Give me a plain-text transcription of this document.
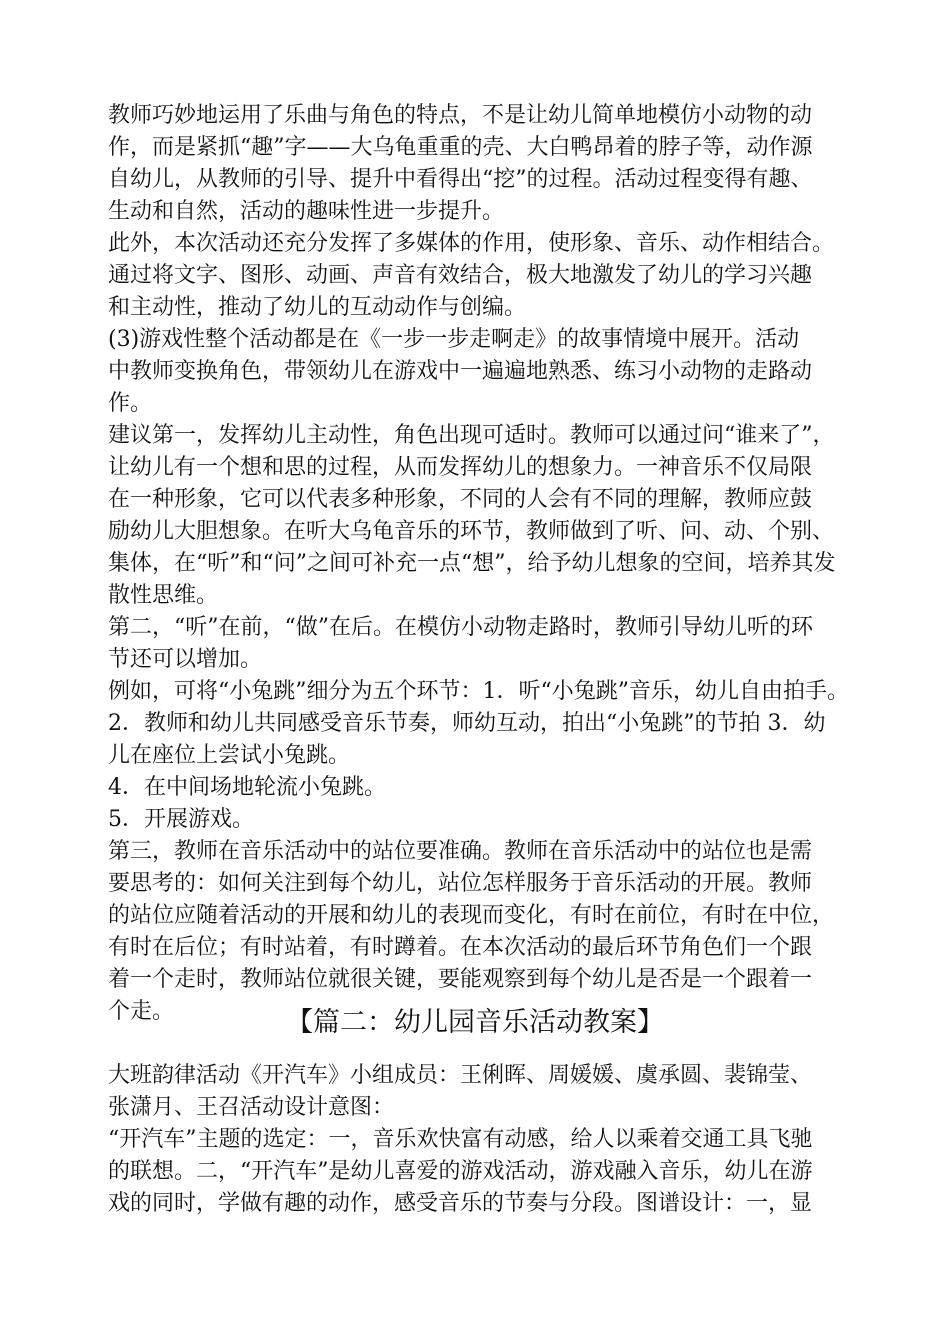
教师巧妙地运用了乐曲与角色的特点，不是让幼儿简单地模仿小动物的动
作，而是紧抓“趣”字——大乌龟重重的壳、大白鸭昂着的脖子等，动作源
自幼儿，从教师的引导、提升中看得出“挖”的过程。活动过程变得有趣、
生动和自然，活动的趣味性进一步提升。
此外，本次活动还充分发挥了多媒体的作用，使形象、音乐、动作相结合。
通过将文字、图形、动画、声音有效结合，极大地激发了幼儿的学习兴趣
和主动性，推动了幼儿的互动动作与创编。
(3)游戏性整个活动都是在《一步一步走啊走》的故事情境中展开。活动
中教师变换角色，带领幼儿在游戏中一遍遍地熟悉、练习小动物的走路动
作。
建议第一，发挥幼儿主动性，角色出现可适时。教师可以通过问“谁来了”，
让幼儿有一个想和思的过程，从而发挥幼儿的想象力。一神音乐不仅局限
在一种形象，它可以代表多种形象，不同的人会有不同的理解，教师应鼓
励幼儿大胆想象。在听大乌龟音乐的环节，教师做到了听、问、动、个别、
集体，在“听”和“问”之间可补充一点“想”，给予幼儿想象的空间，培养其发
散性思维。
第二，“听”在前，“做”在后。在模仿小动物走路时，教师引导幼儿听的环
节还可以增加。
例如，可将“小兔跳”细分为五个环节：1．听“小兔跳”音乐，幼儿自由拍手。
2．教师和幼儿共同感受音乐节奏，师幼互动，拍出“小兔跳”的节拍 3．幼
儿在座位上尝试小兔跳。
4．在中间场地轮流小兔跳。
5．开展游戏。
第三，教师在音乐活动中的站位要准确。教师在音乐活动中的站位也是需
要思考的：如何关注到每个幼儿，站位怎样服务于音乐活动的开展。教师
的站位应随着活动的开展和幼儿的表现而变化，有时在前位，有时在中位，
有时在后位；有时站着，有时蹲着。在本次活动的最后环节角色们一个跟
着一个走时，教师站位就很关键，要能观察到每个幼儿是否是一个跟着一
个走。	【篇二：幼儿园音乐活动教案】
大班韵律活动《开汽车》小组成员：王俐晖、周媛媛、虞承圆、裴锦莹、
张潇月、王召活动设计意图：
“开汽车”主题的选定：一，音乐欢快富有动感，给人以乘着交通工具飞驰
的联想。二，“开汽车”是幼儿喜爱的游戏活动，游戏融入音乐，幼儿在游
戏的同时，学做有趣的动作，感受音乐的节奏与分段。图谱设计：一，显
